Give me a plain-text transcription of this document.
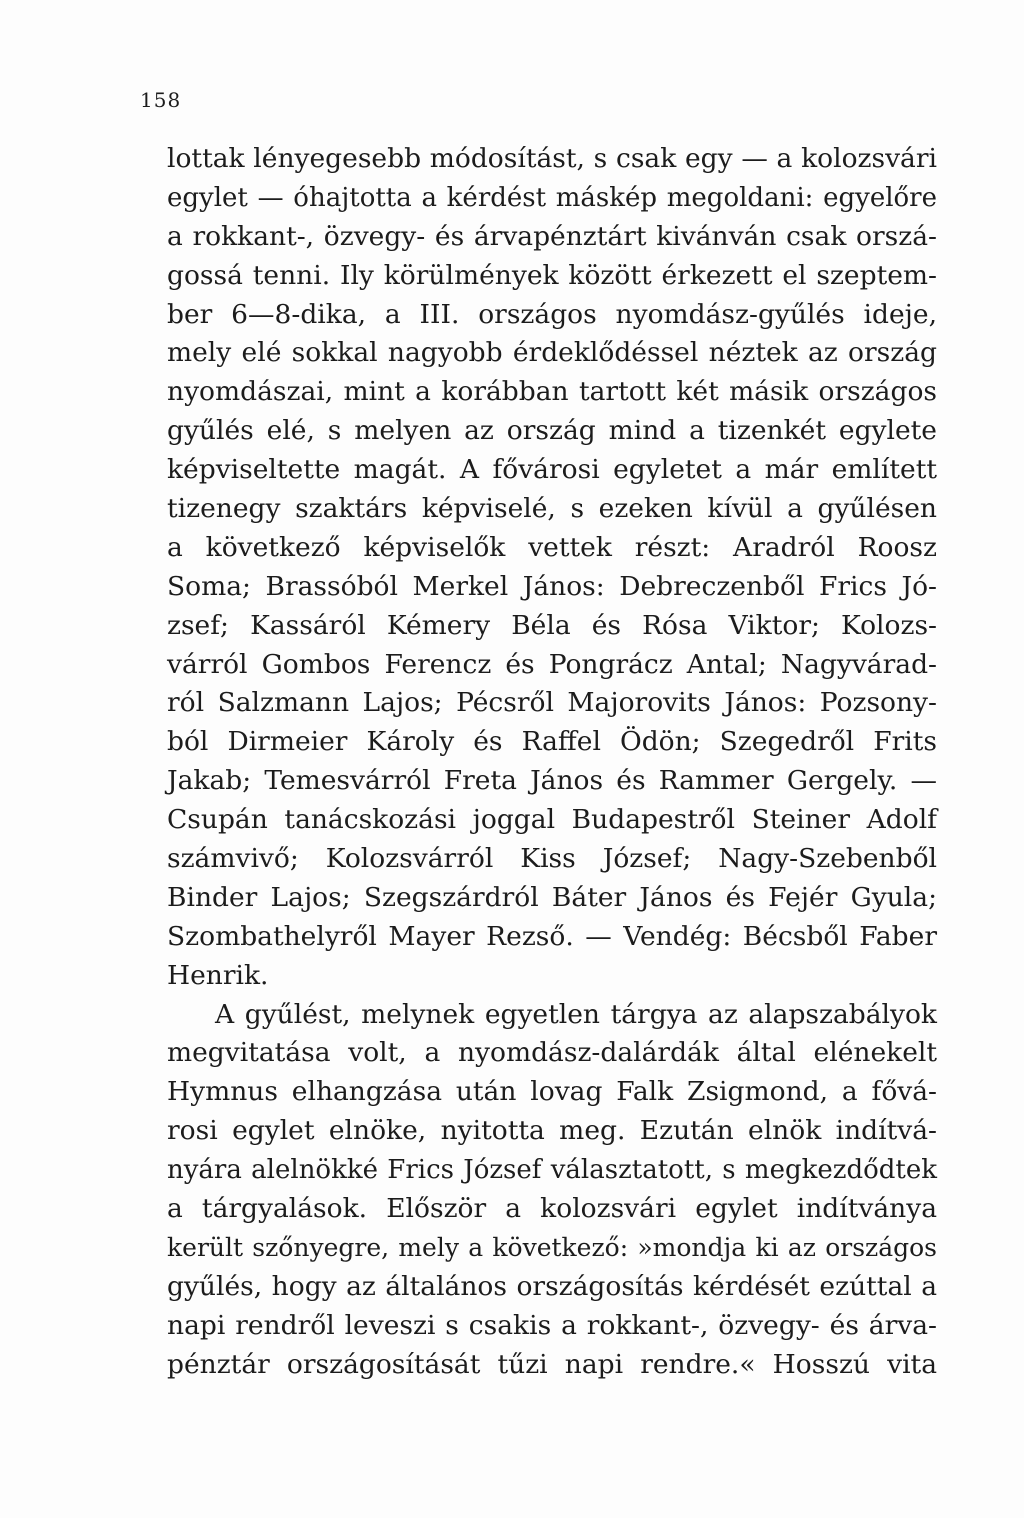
158
lottak lényegesebb módosítást, s csak egy — a kolozsvári
egylet — óhajtotta a kérdést máskép megoldani: egyelőre
a rokkant-, özvegy- és árvapénztárt kivánván csak orszá-
gossá tenni. Ily körülmények között érkezett el szeptem-
ber 6—8-dika, a III. országos nyomdász-gyűlés ideje,
mely elé sokkal nagyobb érdeklődéssel néztek az ország
nyomdászai, mint a korábban tartott két másik országos
gyűlés elé, s melyen az ország mind a tizenkét egylete
képviseltette magát. A fővárosi egyletet a már említett
tizenegy szaktárs képviselé, s ezeken kívül a gyűlésen
a következő képviselők vettek részt: Aradról Roosz
Soma; Brassóból Merkel János: Debreczenből Frics Jó-
zsef; Kassáról Kémery Béla és Rósa Viktor; Kolozs-
várról Gombos Ferencz és Pongrácz Antal; Nagyvárad-
ról Salzmann Lajos; Pécsről Majorovits János: Pozsony-
ból Dirmeier Károly és Raffel Ödön; Szegedről Frits
Jakab; Temesvárról Freta János és Rammer Gergely. —
Csupán tanácskozási joggal Budapestről Steiner Adolf
számvivő; Kolozsvárról Kiss József; Nagy-Szebenből
Binder Lajos; Szegszárdról Báter János és Fejér Gyula;
Szombathelyről Mayer Rezső. — Vendég: Bécsből Faber
Henrik.
A gyűlést, melynek egyetlen tárgya az alapszabályok
megvitatása volt, a nyomdász-dalárdák által elénekelt
Hymnus elhangzása után lovag Falk Zsigmond, a fővá-
rosi egylet elnöke, nyitotta meg. Ezután elnök indítvá-
nyára alelnökké Frics József választatott, s megkezdődtek
a tárgyalások. Először a kolozsvári egylet indítványa
került szőnyegre, mely a következő: »mondja ki az országos
gyűlés, hogy az általános országosítás kérdését ezúttal a
napi rendről leveszi s csakis a rokkant-, özvegy- és árva-
pénztár országosítását tűzi napi rendre.« Hosszú vita
